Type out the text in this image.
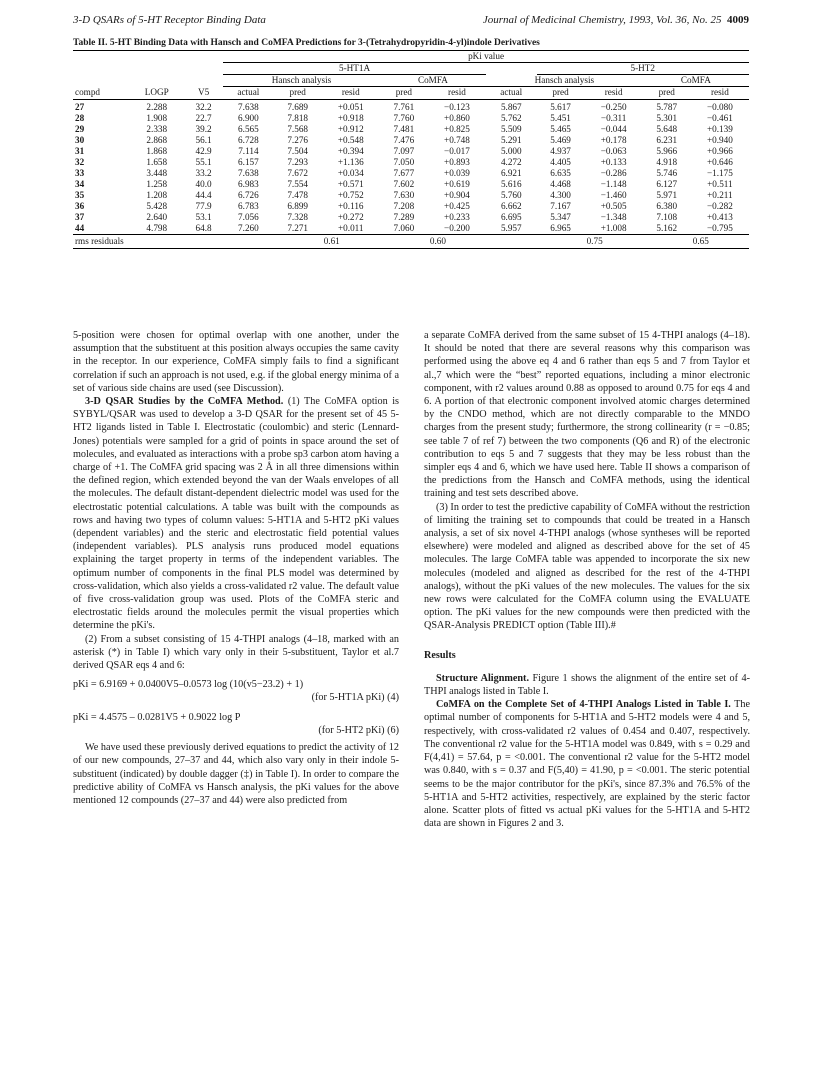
3-D QSARs of 5-HT Receptor Binding Data	Journal of Medicinal Chemistry, 1993, Vol. 36, No. 25 4009
Table II. 5-HT Binding Data with Hansch and CoMFA Predictions for 3-(Tetrahydropyridin-4-yl)indole Derivatives
			pKi value									
			5-HT1A						5-HT2			
			Hansch analysis			CoMFA		Hansch analysis			CoMFA	
compd	LOGP	V5	actual	pred	resid	pred	resid	actual	pred	resid	pred	resid
27	2.288	32.2	7.638	7.689	+0.051	7.761	−0.123	5.867	5.617	−0.250	5.787	−0.080
28	1.908	22.7	6.900	7.818	+0.918	7.760	+0.860	5.762	5.451	−0.311	5.301	−0.461
29	2.338	39.2	6.565	7.568	+0.912	7.481	+0.825	5.509	5.465	−0.044	5.648	+0.139
30	2.868	56.1	6.728	7.276	+0.548	7.476	+0.748	5.291	5.469	+0.178	6.231	+0.940
31	1.868	42.9	7.114	7.504	+0.394	7.097	−0.017	5.000	4.937	−0.063	5.966	+0.966
32	1.658	55.1	6.157	7.293	+1.136	7.050	+0.893	4.272	4.405	+0.133	4.918	+0.646
33	3.448	33.2	7.638	7.672	+0.034	7.677	+0.039	6.921	6.635	−0.286	5.746	−1.175
34	1.258	40.0	6.983	7.554	+0.571	7.602	+0.619	5.616	4.468	−1.148	6.127	+0.511
35	1.208	44.4	6.726	7.478	+0.752	7.630	+0.904	5.760	4.300	−1.460	5.971	+0.211
36	5.428	77.9	6.783	6.899	+0.116	7.208	+0.425	6.662	7.167	+0.505	6.380	−0.282
37	2.640	53.1	7.056	7.328	+0.272	7.289	+0.233	6.695	5.347	−1.348	7.108	+0.413
44	4.798	64.8	7.260	7.271	+0.011	7.060	−0.200	5.957	6.965	+1.008	5.162	−0.795
rms residuals					0.61		0.60			0.75		0.65

5-position were chosen for optimal overlap with one another, under the assumption that the substituent at this position always occupies the same cavity in the receptor. In our experience, CoMFA simply fails to find a significant correlation if such an approach is not used, e.g. if the global energy minima of a set of various side chains are used (see Discussion).

3-D QSAR Studies by the CoMFA Method. (1) The CoMFA option is SYBYL/QSAR was used to develop a 3-D QSAR for the present set of 45 5-HT2 ligands listed in Table I. Electrostatic (coulombic) and steric (Lennard-Jones) potentials were sampled for a grid of points in space around the set of molecules, and evaluated as interactions with a probe sp3 carbon atom having a charge of +1. The CoMFA grid spacing was 2 Å in all three dimensions within the defined region, which extended beyond the van der Waals envelopes of all the molecules. The default distant-dependent dielectric model was used for the electrostatic potential calculations. A table was built with the compounds as rows and having two types of column values: 5-HT1A and 5-HT2 pKi values (dependent variables) and the steric and electrostatic field potential values (independent variables). PLS analysis runs produced model equations explaining the target property in terms of the independent variables. The optimum number of components in the final PLS model was determined by cross-validation, which also yields a cross-validated r2 value. The default value of five cross-validation group was used. Plots of the CoMFA steric and electrostatic fields around the molecules permit the visual properties which determine the pKi's.

(2) From a subset consisting of 15 4-THPI analogs (4–18, marked with an asterisk (*) in Table I) which vary only in their 5-substituent, Taylor et al.7 derived QSAR eqs 4 and 6:

pKi = 6.9169 + 0.0400V5–0.0573 log (10(v5−23.2) + 1)
(for 5-HT1A pKi) (4)
pKi = 4.4575 – 0.0281V5 + 0.9022 log P
(for 5-HT2 pKi) (6)

We have used these previously derived equations to predict the activity of 12 of our new compounds, 27–37 and 44, which also vary only in their indole 5-substituent (indicated) by double dagger (‡) in Table I). In order to compare the predictive ability of CoMFA vs Hansch analysis, the pKi values for the above mentioned 12 compounds (27–37 and 44) were also predicted from

a separate CoMFA derived from the same subset of 15 4-THPI analogs (4–18). It should be noted that there are several reasons why this comparison was performed using the above eq 4 and 6 rather than eqs 5 and 7 from Taylor et al.,7 which were the “best” reported equations, including a minor electronic component, with r2 values around 0.88 as opposed to around 0.75 for eqs 4 and 6. A portion of that electronic component involved atomic charges determined by the CNDO method, which are not directly comparable to the MNDO charges from the present study; furthermore, the strong collinearity (r = −0.85; see table 7 of ref 7) between the two components (Q6 and R) of the electronic contribution to eqs 5 and 7 suggests that they may be less robust than the simpler eqs 4 and 6, which we have used here. Table II shows a comparison of the predictions from the Hansch and CoMFA methods, using the identical training and test sets described above.

(3) In order to test the predictive capability of CoMFA without the restriction of limiting the training set to compounds that could be treated in a Hansch analysis, a set of six novel 4-THPI analogs (whose syntheses will be reported elsewhere) were modeled and aligned as described above for the set of 45 molecules. The large CoMFA table was appended to incorporate the six new molecules (modeled and aligned as described for the rest of the 4-THPI analogs), without the pKi values of the new molecules. The values for the six new rows were calculated for the CoMFA column using the EVALUATE option. The pKi values for the new compounds were then predicted with the QSAR-Analysis PREDICT option (Table III).#

Results

Structure Alignment. Figure 1 shows the alignment of the entire set of 4-THPI analogs listed in Table I.

CoMFA on the Complete Set of 4-THPI Analogs Listed in Table I. The optimal number of components for 5-HT1A and 5-HT2 models were 4 and 5, respectively, with cross-validated r2 values of 0.454 and 0.407, respectively. The conventional r2 value for the 5-HT1A model was 0.849, with s = 0.29 and F(4,41) = 57.64, p = <0.001. The conventional r2 value for the 5-HT2 model was 0.840, with s = 0.37 and F(5,40) = 41.90, p = <0.001. The steric potential seems to be the major contributor for the pKi's, since 87.3% and 76.5% of the 5-HT1A and 5-HT2 activities, respectively, are explained by the steric factor alone. Scatter plots of fitted vs actual pKi values for the 5-HT1A and 5-HT2 data are shown in Figures 2 and 3.
